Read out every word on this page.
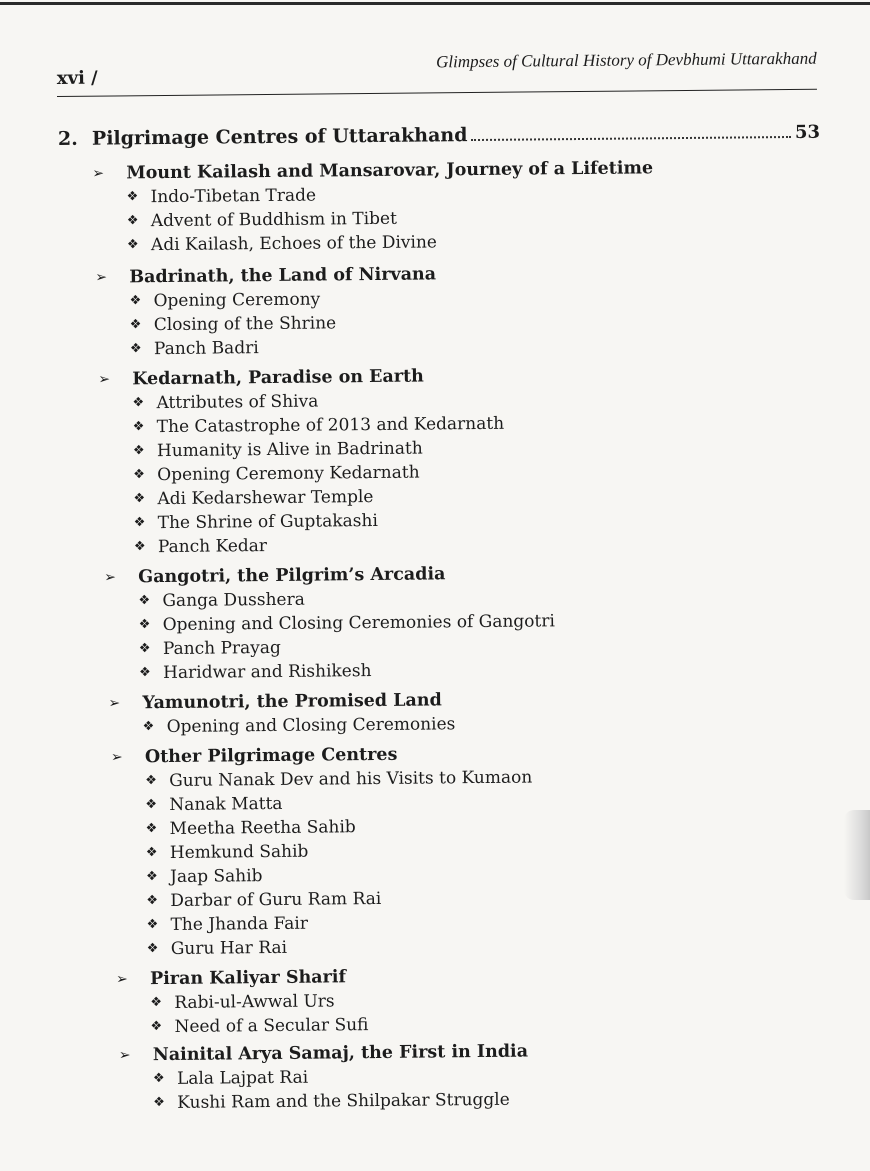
xvi /
Glimpses of Cultural History of Devbhumi Uttarakhand
2. Pilgrimage Centres of Uttarakhand	53
➢	Mount Kailash and Mansarovar, Journey of a Lifetime
❖ Indo-Tibetan Trade
❖ Advent of Buddhism in Tibet
❖ Adi Kailash, Echoes of the Divine
➢	Badrinath, the Land of Nirvana
❖ Opening Ceremony
❖ Closing of the Shrine
❖ Panch Badri
➢	Kedarnath, Paradise on Earth
❖ Attributes of Shiva
❖ The Catastrophe of 2013 and Kedarnath
❖ Humanity is Alive in Badrinath
❖ Opening Ceremony Kedarnath
❖ Adi Kedarshewar Temple
❖ The Shrine of Guptakashi
❖ Panch Kedar
➢	Gangotri, the Pilgrim’s Arcadia
❖ Ganga Dusshera
❖ Opening and Closing Ceremonies of Gangotri
❖ Panch Prayag
❖ Haridwar and Rishikesh
➢	Yamunotri, the Promised Land
❖ Opening and Closing Ceremonies
➢	Other Pilgrimage Centres
❖ Guru Nanak Dev and his Visits to Kumaon
❖ Nanak Matta
❖ Meetha Reetha Sahib
❖ Hemkund Sahib
❖ Jaap Sahib
❖ Darbar of Guru Ram Rai
❖ The Jhanda Fair
❖ Guru Har Rai
➢	Piran Kaliyar Sharif
❖ Rabi-ul-Awwal Urs
❖ Need of a Secular Sufi
➢	Nainital Arya Samaj, the First in India
❖ Lala Lajpat Rai
❖ Kushi Ram and the Shilpakar Struggle
